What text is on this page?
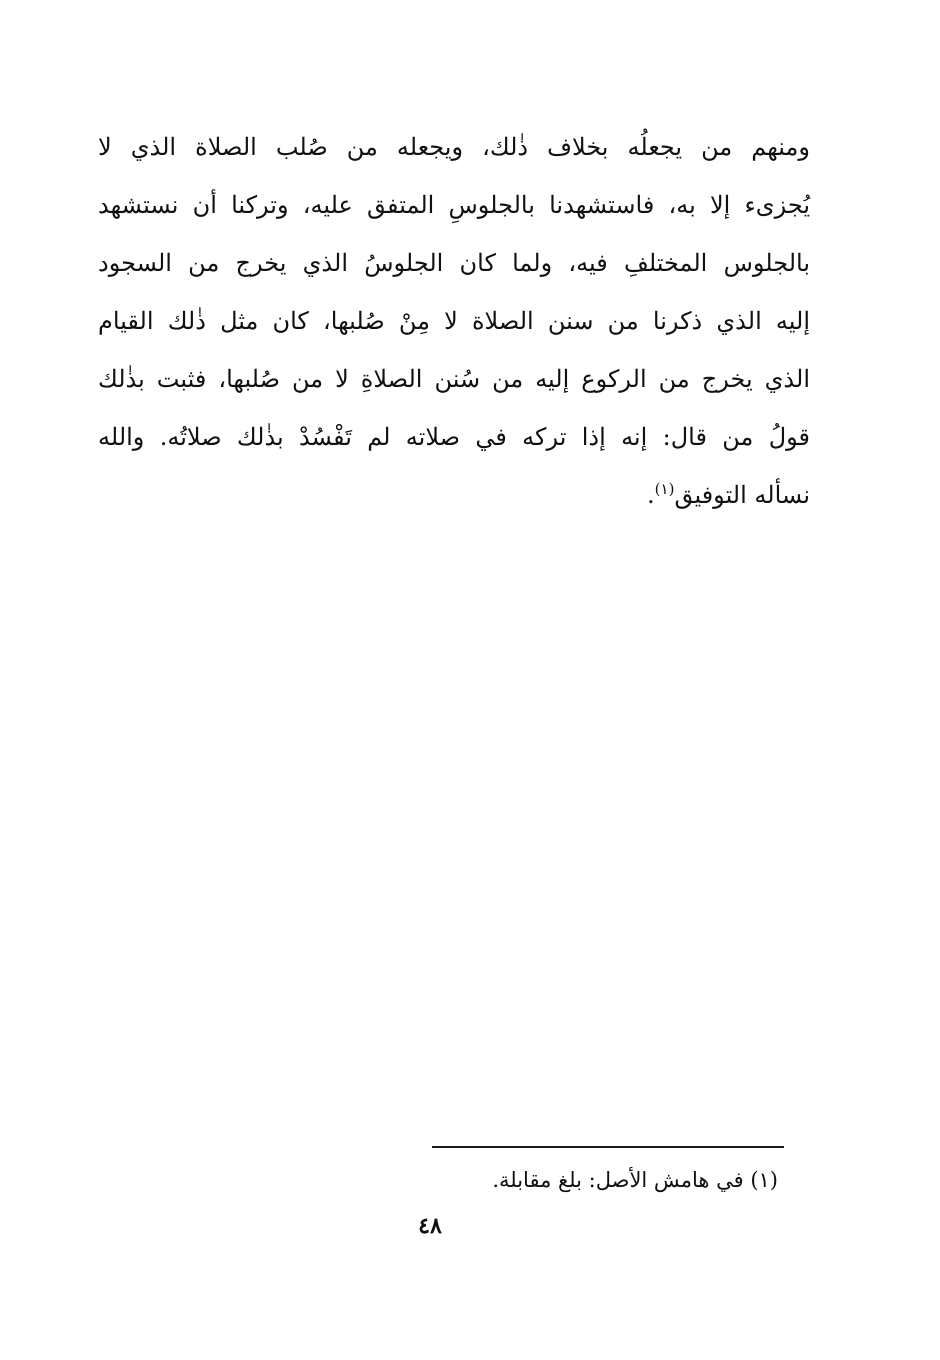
ومنهم من يجعلُه بخلاف ذٰلك، ويجعله من صُلب الصلاة الذي لا
يُجزىء إلا به، فاستشهدنا بالجلوسِ المتفق عليه، وتركنا أن نستشهد
بالجلوس المختلفِ فيه، ولما كان الجلوسُ الذي يخرج من السجود
إليه الذي ذكرنا من سنن الصلاة لا مِنْ صُلبها، كان مثل ذٰلك القيام
الذي يخرج من الركوع إليه من سُنن الصلاةِ لا من صُلبها، فثبت بذٰلك
قولُ من قال: إنه إذا تركه في صلاته لم تَفْسُدْ بذٰلك صلاتُه. والله
نسأله التوفيق$^{(١)}$.
(١) في هامش الأصل: بلغ مقابلة.
٤٨
